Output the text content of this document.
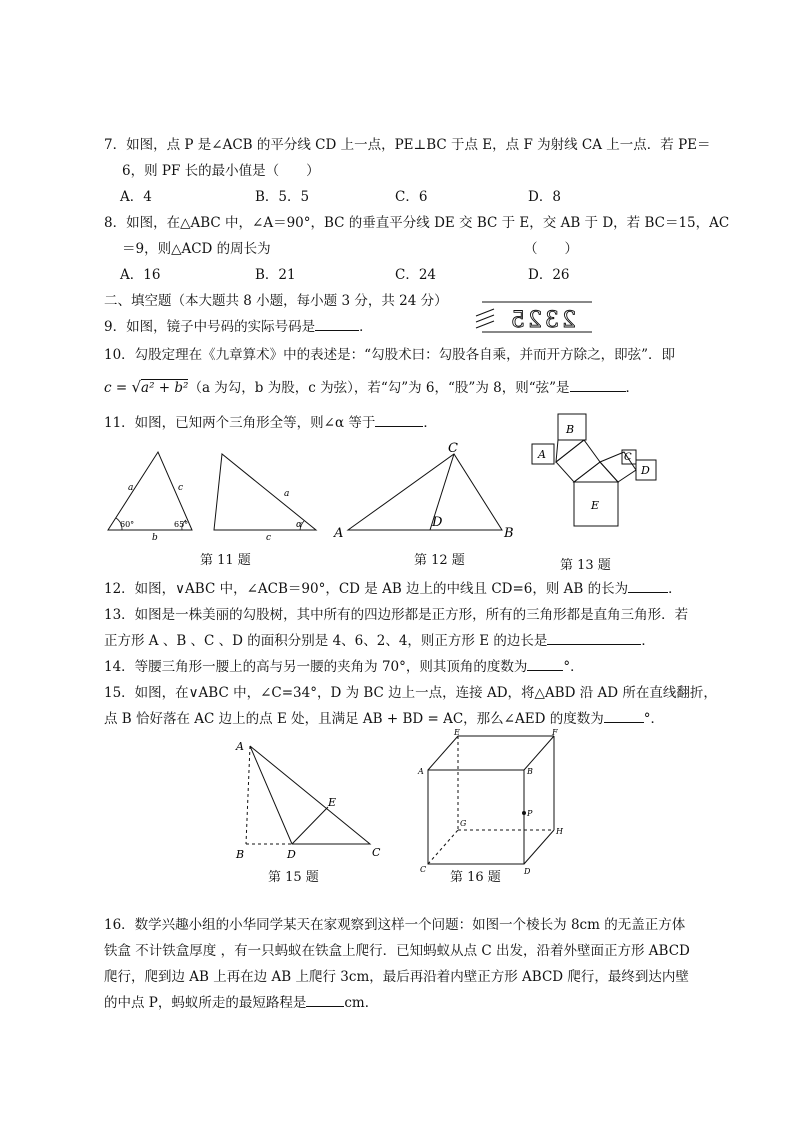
7．如图，点 P 是∠ACB 的平分线 CD 上一点，PE⊥BC 于点 E，点 F 为射线 CA 上一点．若 PE＝
6，则 PF 长的最小值是（　　）
A．4	B．5．5	C．6	D．8
8．如图，在△ABC 中，∠A＝90°，BC 的垂直平分线 DE 交 BC 于 E，交 AB 于 D，若 BC＝15，AC
＝9，则△ACD 的周长为	（　　）
A．16	B．21	C．24	D．26
二、填空题（本大题共 8 小题，每小题 3 分，共 24 分）
2325
9．如图，镜子中号码的实际号码是	．
10．勾股定理在《九章算术》中的表述是：“勾股术曰：勾股各自乘，并而开方除之，即弦”．即
c = √a² + b²（a 为勾，b 为股，c 为弦），若“勾”为 6，“股”为 8，则“弦”是	．
11．如图，已知两个三角形全等，则∠α 等于	．
a	c
b
60°	65°
a
c
α
第 11 题
A
C
B
D
第 12 题
B
A	C
D
E
第 13 题
12．如图，∨ABC 中，∠ACB＝90°，CD 是 AB 边上的中线且 CD=6，则 AB 的长为	．
13．如图是一株美丽的勾股树，其中所有的四边形都是正方形，所有的三角形都是直角三角形．若
正方形 A 、B 、C 、D 的面积分别是 4、6、2、4，则正方形 E 的边长是	．
14．等腰三角形一腰上的高与另一腰的夹角为 70°，则其顶角的度数为	°．
15．如图，在∨ABC 中，∠C=34°，D 为 BC 边上一点，连接 AD，将△ABD 沿 AD 所在直线翻折，
点 B 恰好落在 AC 边上的点 E 处，且满足 AB + BD = AC，那么∠AED 的度数为	°．
A
B	D	C
E
第 15 题
A	B
C	D
E	F
G
H
P
第 16 题
16．数学兴趣小组的小华同学某天在家观察到这样一个问题：如图一个棱长为 8cm 的无盖正方体
铁盒 不计铁盒厚度 ，有一只蚂蚁在铁盒上爬行．已知蚂蚁从点 C 出发，沿着外壁面正方形 ABCD
爬行，爬到边 AB 上再在边 AB 上爬行 3cm，最后再沿着内壁正方形 ABCD 爬行，最终到达内壁
的中点 P，蚂蚁所走的最短路程是	cm．
